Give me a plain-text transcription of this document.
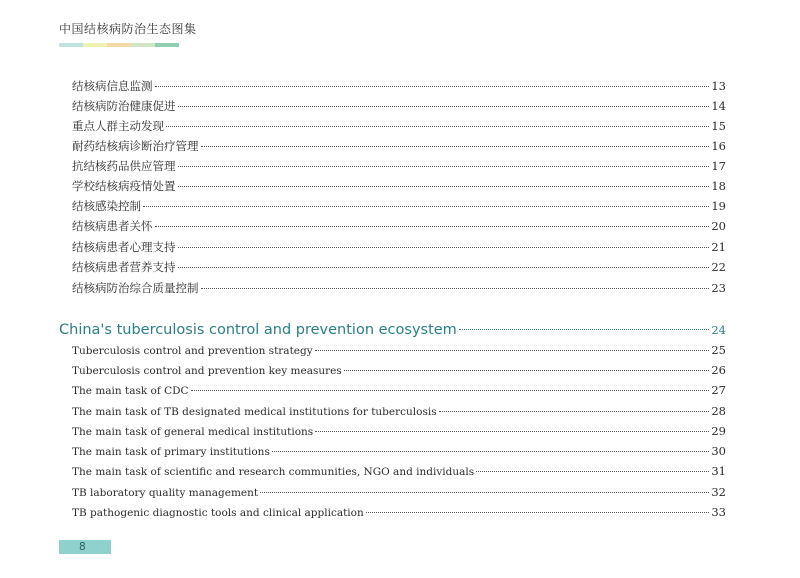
中国结核病防治生态图集
结核病信息监测	13
结核病防治健康促进	14
重点人群主动发现	15
耐药结核病诊断治疗管理	16
抗结核药品供应管理	17
学校结核病疫情处置	18
结核感染控制	19
结核病患者关怀	20
结核病患者心理支持	21
结核病患者营养支持	22
结核病防治综合质量控制	23
China's tuberculosis control and prevention ecosystem	24
Tuberculosis control and prevention strategy	25
Tuberculosis control and prevention key measures	26
The main task of CDC	27
The main task of TB designated medical institutions for tuberculosis	28
The main task of general medical institutions	29
The main task of primary institutions	30
The main task of scientific and research communities, NGO and individuals	31
TB laboratory quality management	32
TB pathogenic diagnostic tools and clinical application	33
8
